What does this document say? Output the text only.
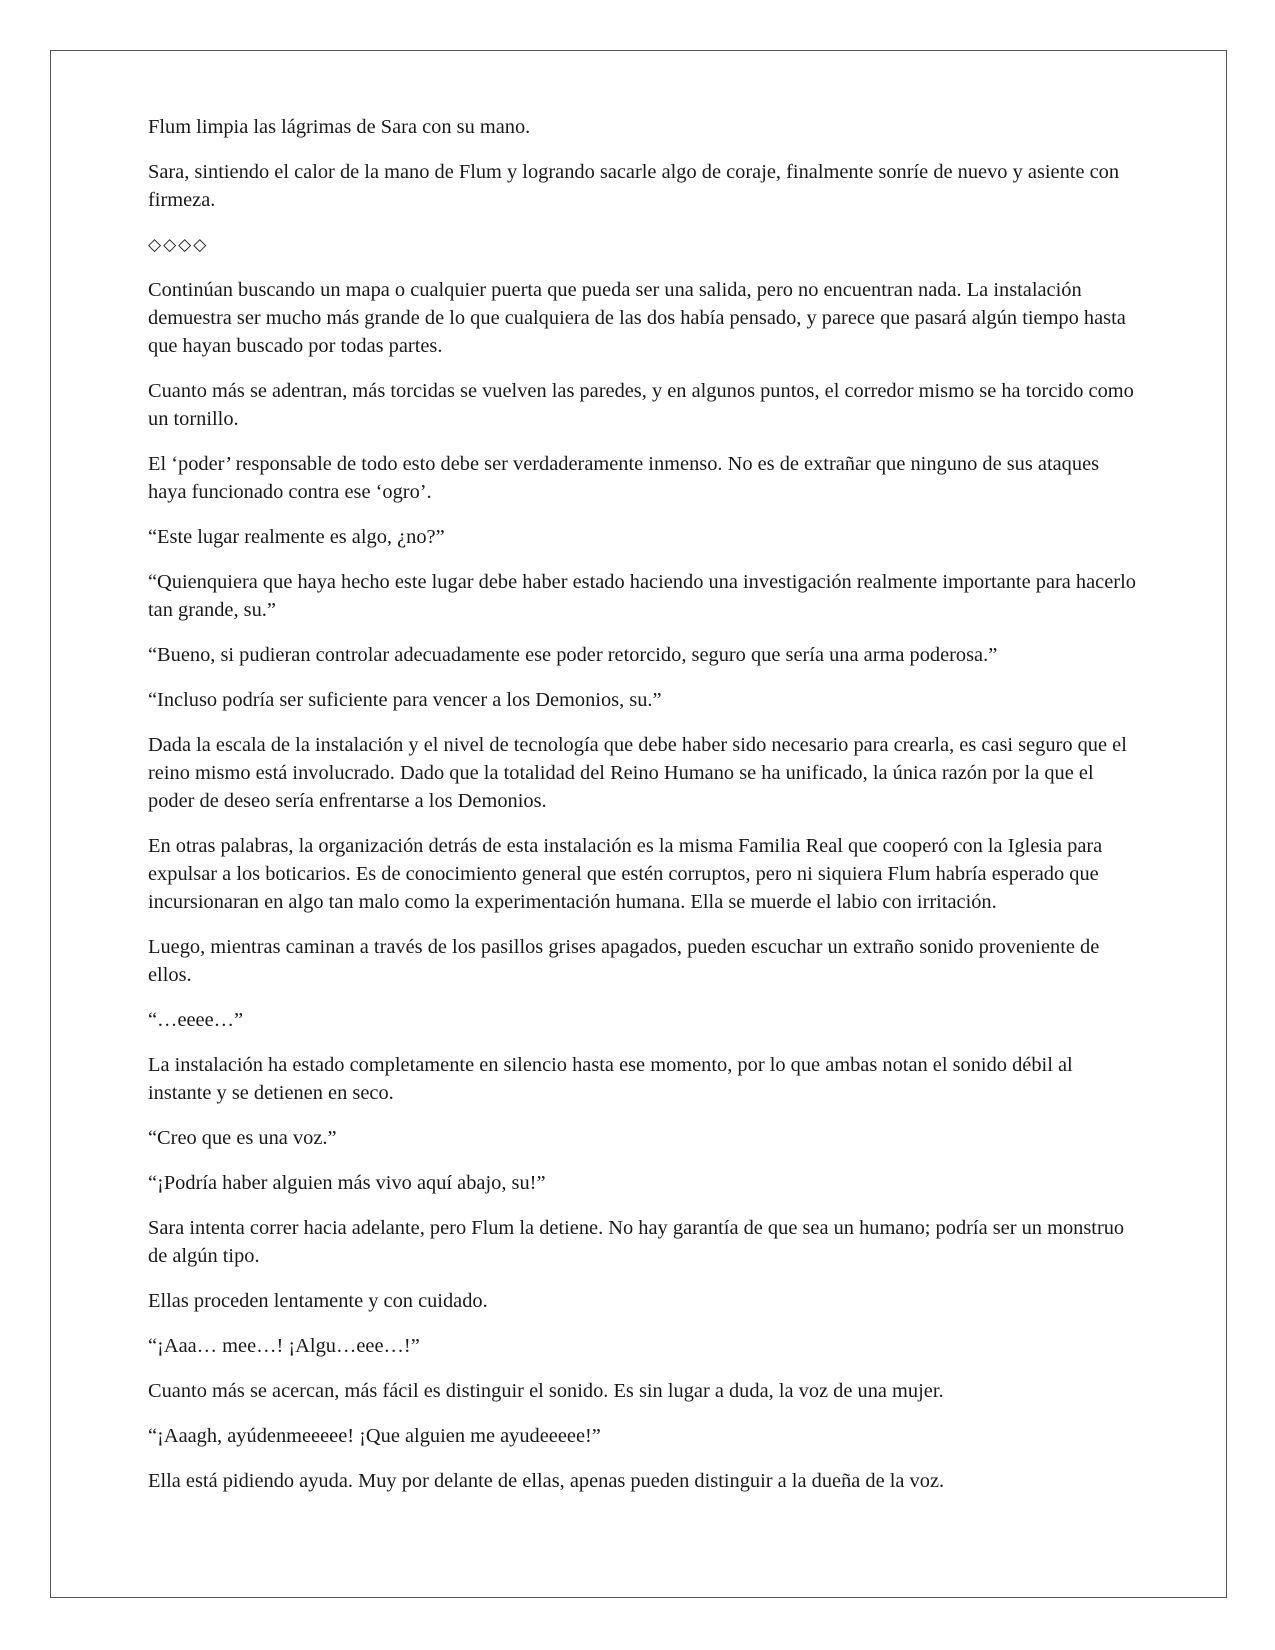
Flum limpia las lágrimas de Sara con su mano.

Sara, sintiendo el calor de la mano de Flum y logrando sacarle algo de coraje, finalmente sonríe de nuevo y asiente con firmeza.

◇◇◇◇

Continúan buscando un mapa o cualquier puerta que pueda ser una salida, pero no encuentran nada. La instalación demuestra ser mucho más grande de lo que cualquiera de las dos había pensado, y parece que pasará algún tiempo hasta que hayan buscado por todas partes.

Cuanto más se adentran, más torcidas se vuelven las paredes, y en algunos puntos, el corredor mismo se ha torcido como un tornillo.

El ‘poder’ responsable de todo esto debe ser verdaderamente inmenso. No es de extrañar que ninguno de sus ataques haya funcionado contra ese ‘ogro’.

“Este lugar realmente es algo, ¿no?”

“Quienquiera que haya hecho este lugar debe haber estado haciendo una investigación realmente importante para hacerlo tan grande, su.”

“Bueno, si pudieran controlar adecuadamente ese poder retorcido, seguro que sería una arma poderosa.”

“Incluso podría ser suficiente para vencer a los Demonios, su.”

Dada la escala de la instalación y el nivel de tecnología que debe haber sido necesario para crearla, es casi seguro que el reino mismo está involucrado. Dado que la totalidad del Reino Humano se ha unificado, la única razón por la que el poder de deseo sería enfrentarse a los Demonios.

En otras palabras, la organización detrás de esta instalación es la misma Familia Real que cooperó con la Iglesia para expulsar a los boticarios. Es de conocimiento general que estén corruptos, pero ni siquiera Flum habría esperado que incursionaran en algo tan malo como la experimentación humana. Ella se muerde el labio con irritación.

Luego, mientras caminan a través de los pasillos grises apagados, pueden escuchar un extraño sonido proveniente de ellos.

“…eeee…”

La instalación ha estado completamente en silencio hasta ese momento, por lo que ambas notan el sonido débil al instante y se detienen en seco.

“Creo que es una voz.”

“¡Podría haber alguien más vivo aquí abajo, su!”

Sara intenta correr hacia adelante, pero Flum la detiene. No hay garantía de que sea un humano; podría ser un monstruo de algún tipo.

Ellas proceden lentamente y con cuidado.

“¡Aaa… mee…! ¡Algu…eee…!”

Cuanto más se acercan, más fácil es distinguir el sonido. Es sin lugar a duda, la voz de una mujer.

“¡Aaagh, ayúdenmeeeee! ¡Que alguien me ayudeeeee!”

Ella está pidiendo ayuda. Muy por delante de ellas, apenas pueden distinguir a la dueña de la voz.
